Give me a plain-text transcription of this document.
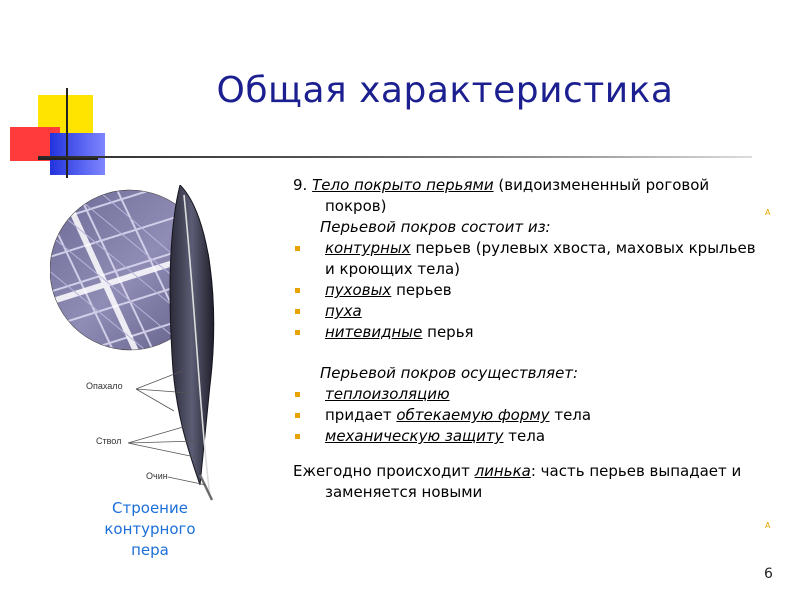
Общая характеристика
Опахало
Ствол
Очин
Строение
контурного
пера
9. Тело покрыто перьями (видоизмененный роговой покров)
Перьевой покров состоит из:
контурных перьев (рулевых хвоста, маховых крыльев и кроющих тела)
пуховых перьев
пуха
нитевидные перья
Перьевой покров осуществляет:
теплоизоляцию
придает обтекаемую форму тела
механическую защиту тела
Ежегодно происходит линька: часть перьев выпадает и заменяется новыми
A
A
6
